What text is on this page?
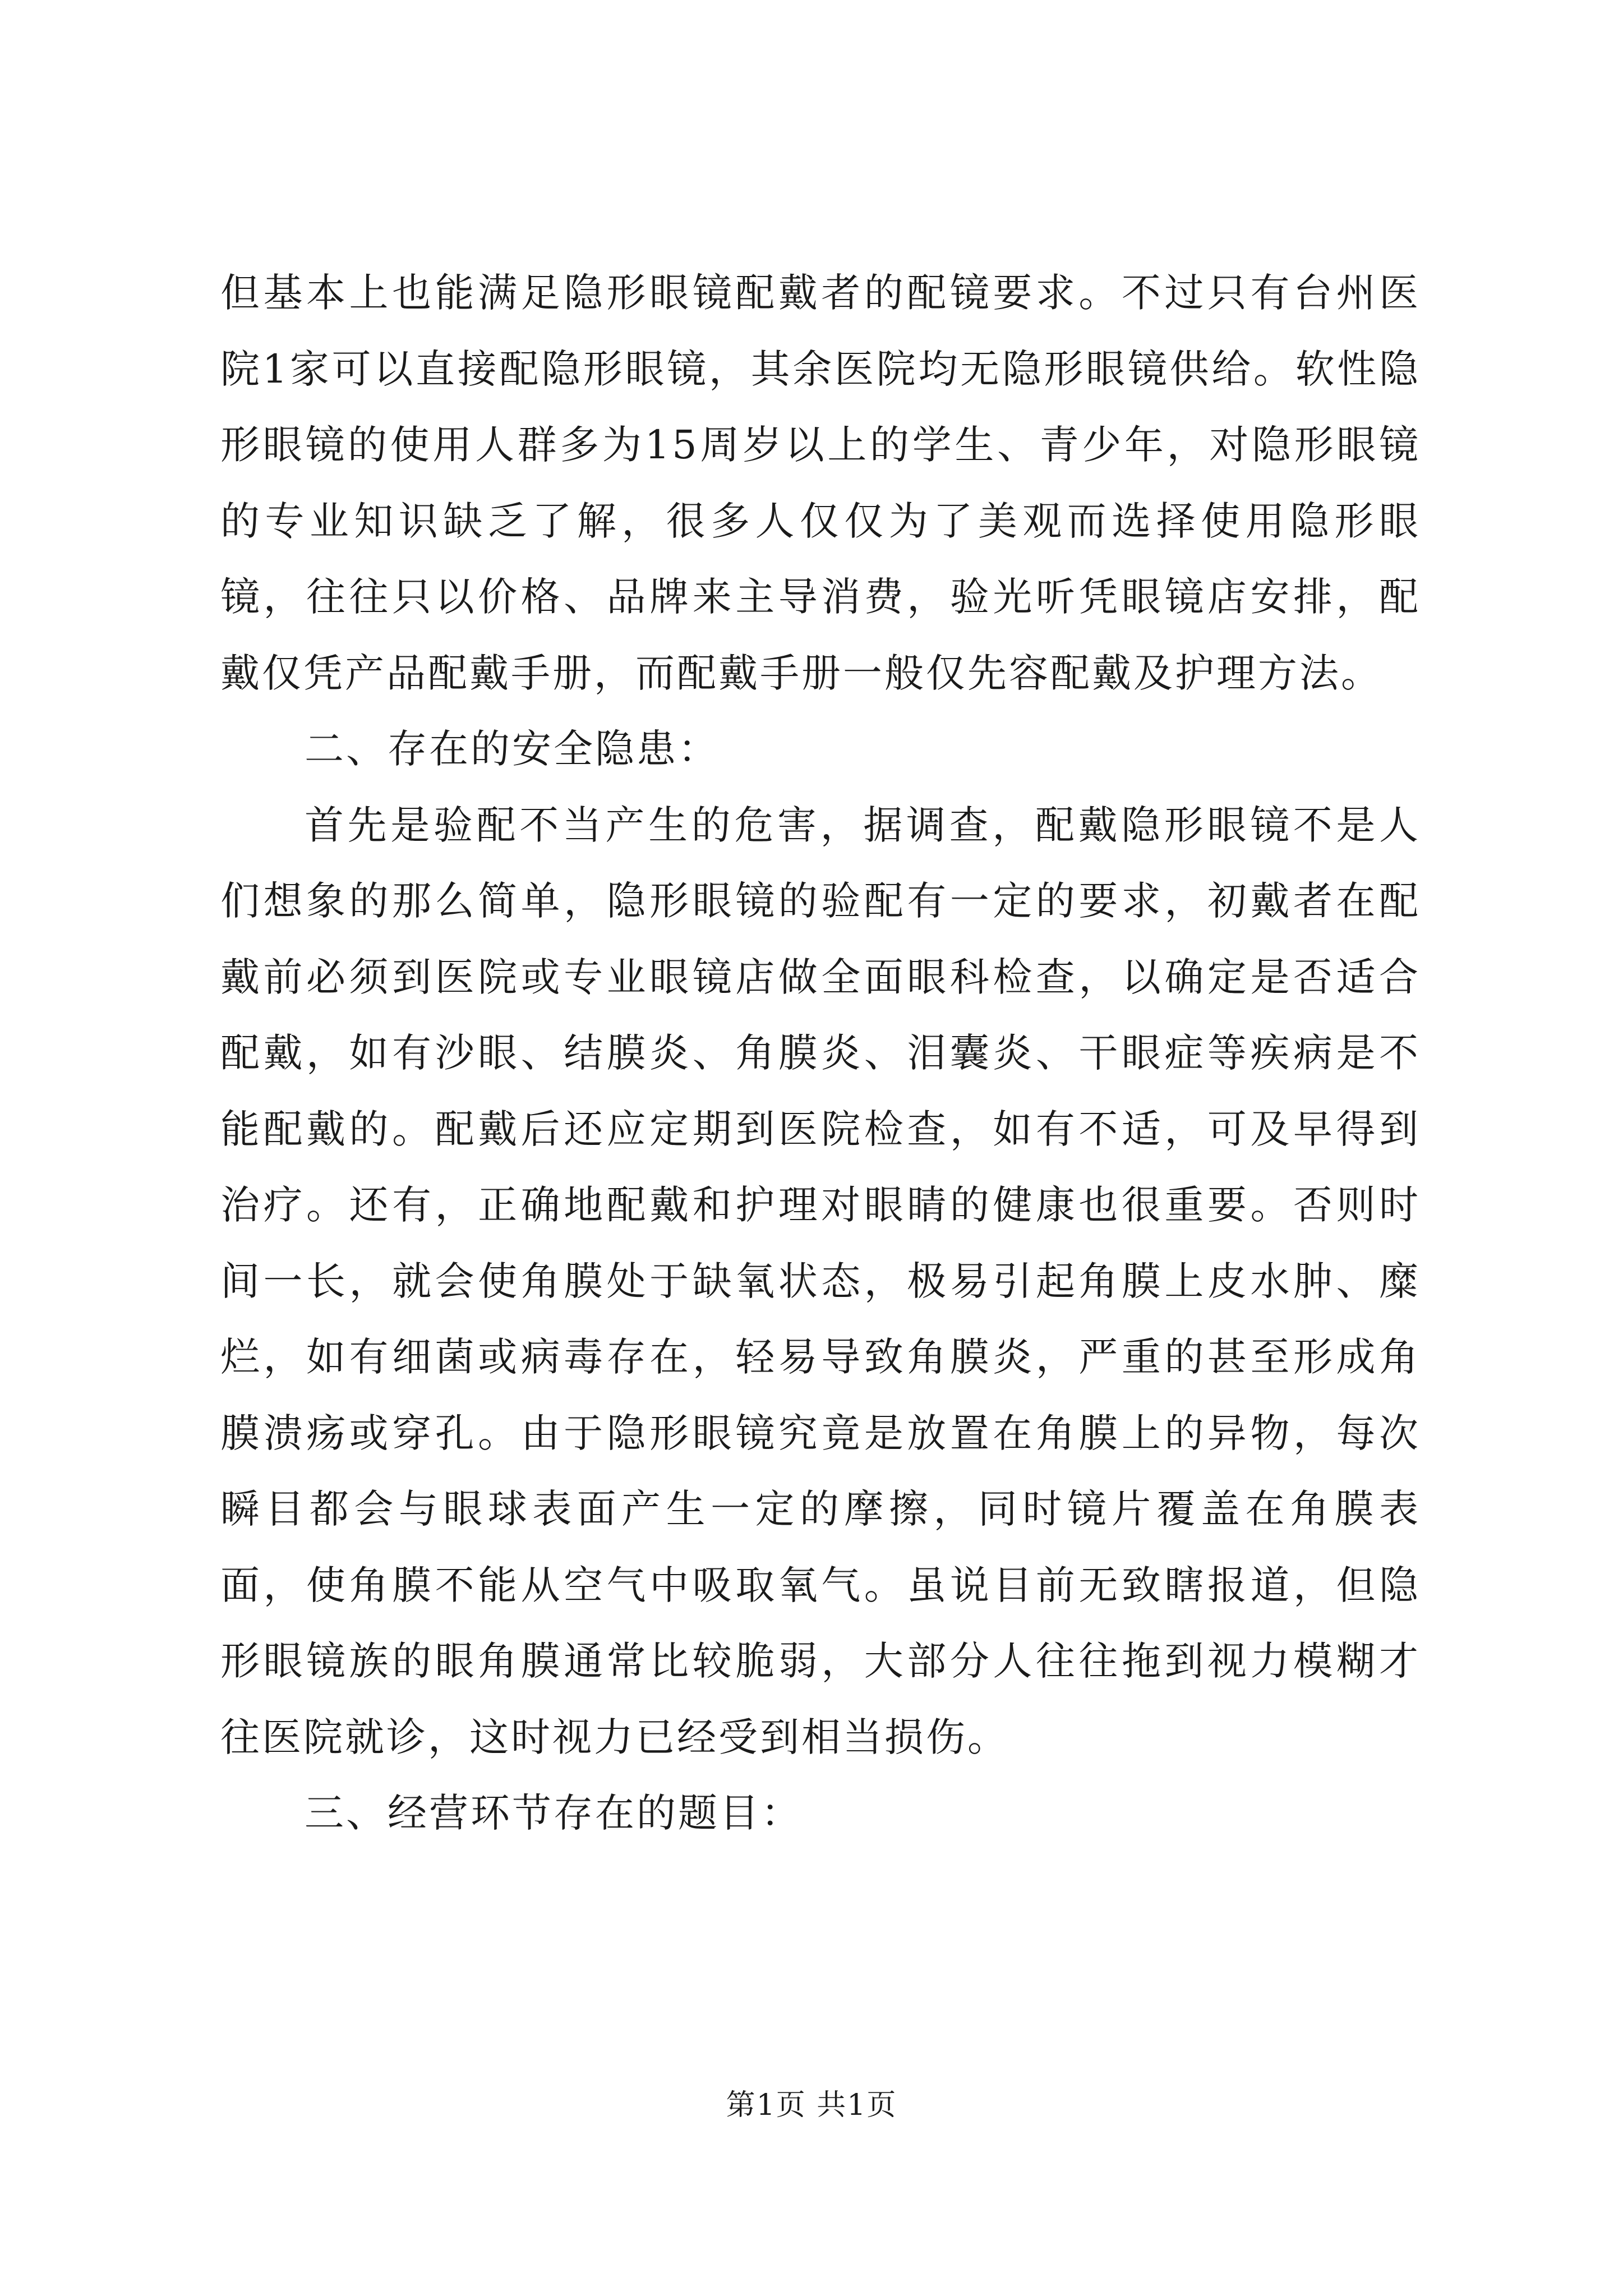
但基本上也能满足隐形眼镜配戴者的配镜要求。不过只有台州医院1家可以直接配隐形眼镜，其余医院均无隐形眼镜供给。软性隐形眼镜的使用人群多为15周岁以上的学生、青少年，对隐形眼镜的专业知识缺乏了解，很多人仅仅为了美观而选择使用隐形眼镜，往往只以价格、品牌来主导消费，验光听凭眼镜店安排，配戴仅凭产品配戴手册，而配戴手册一般仅先容配戴及护理方法。

二、存在的安全隐患：

首先是验配不当产生的危害，据调查，配戴隐形眼镜不是人们想象的那么简单，隐形眼镜的验配有一定的要求，初戴者在配戴前必须到医院或专业眼镜店做全面眼科检查，以确定是否适合配戴，如有沙眼、结膜炎、角膜炎、泪囊炎、干眼症等疾病是不能配戴的。配戴后还应定期到医院检查，如有不适，可及早得到治疗。还有，正确地配戴和护理对眼睛的健康也很重要。否则时间一长，就会使角膜处于缺氧状态，极易引起角膜上皮水肿、糜烂，如有细菌或病毒存在，轻易导致角膜炎，严重的甚至形成角膜溃疡或穿孔。由于隐形眼镜究竟是放置在角膜上的异物，每次瞬目都会与眼球表面产生一定的摩擦，同时镜片覆盖在角膜表面，使角膜不能从空气中吸取氧气。虽说目前无致瞎报道，但隐形眼镜族的眼角膜通常比较脆弱，大部分人往往拖到视力模糊才往医院就诊，这时视力已经受到相当损伤。

三、经营环节存在的题目：

第1页 共1页
